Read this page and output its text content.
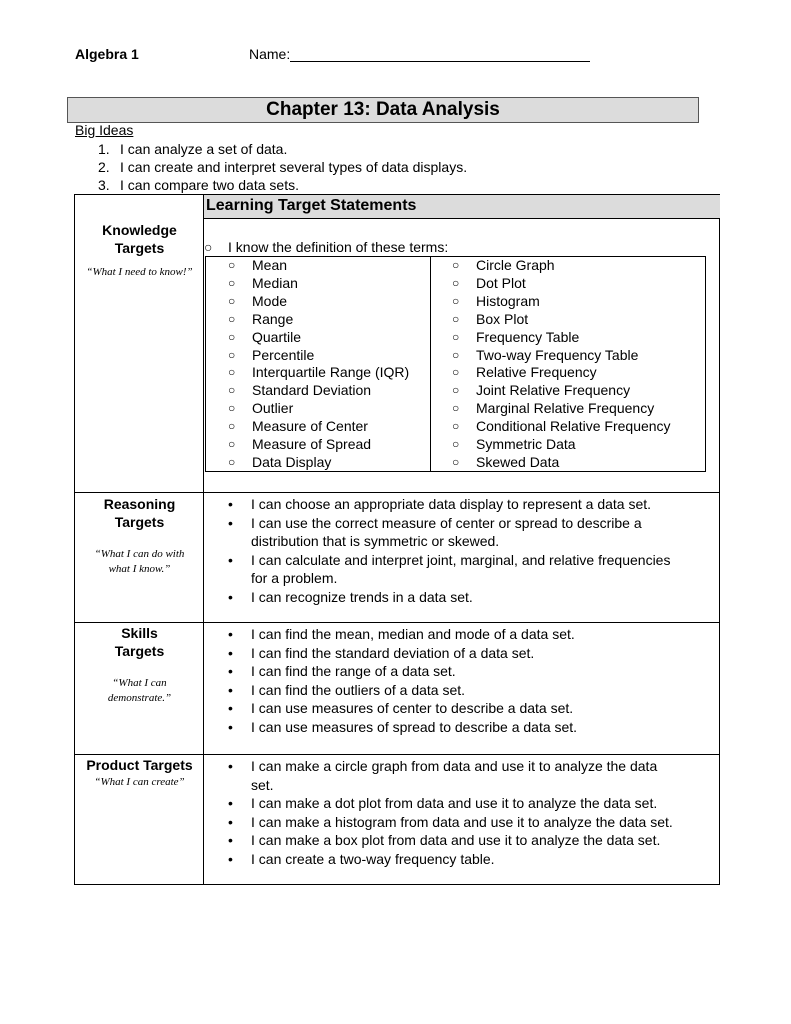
Algebra 1	Name:
Chapter 13: Data Analysis
Big Ideas
1. I can analyze a set of data.
2. I can create and interpret several types of data displays.
3. I can compare two data sets.
Learning Target Statements
Knowledge
Targets
“What I need to know!”
○ I know the definition of these terms:
○ Mean
○ Median
○ Mode
○ Range
○ Quartile
○ Percentile
○ Interquartile Range (IQR)
○ Standard Deviation
○ Outlier
○ Measure of Center
○ Measure of Spread
○ Data Display
○ Circle Graph
○ Dot Plot
○ Histogram
○ Box Plot
○ Frequency Table
○ Two-way Frequency Table
○ Relative Frequency
○ Joint Relative Frequency
○ Marginal Relative Frequency
○ Conditional Relative Frequency
○ Symmetric Data
○ Skewed Data
Reasoning
Targets
“What I can do with
what I know.”
• I can choose an appropriate data display to represent a data set.
• I can use the correct measure of center or spread to describe a
distribution that is symmetric or skewed.
• I can calculate and interpret joint, marginal, and relative frequencies
for a problem.
• I can recognize trends in a data set.
Skills
Targets
“What I can
demonstrate.”
• I can find the mean, median and mode of a data set.
• I can find the standard deviation of a data set.
• I can find the range of a data set.
• I can find the outliers of a data set.
• I can use measures of center to describe a data set.
• I can use measures of spread to describe a data set.
Product Targets
“What I can create”
• I can make a circle graph from data and use it to analyze the data
set.
• I can make a dot plot from data and use it to analyze the data set.
• I can make a histogram from data and use it to analyze the data set.
• I can make a box plot from data and use it to analyze the data set.
• I can create a two-way frequency table.
